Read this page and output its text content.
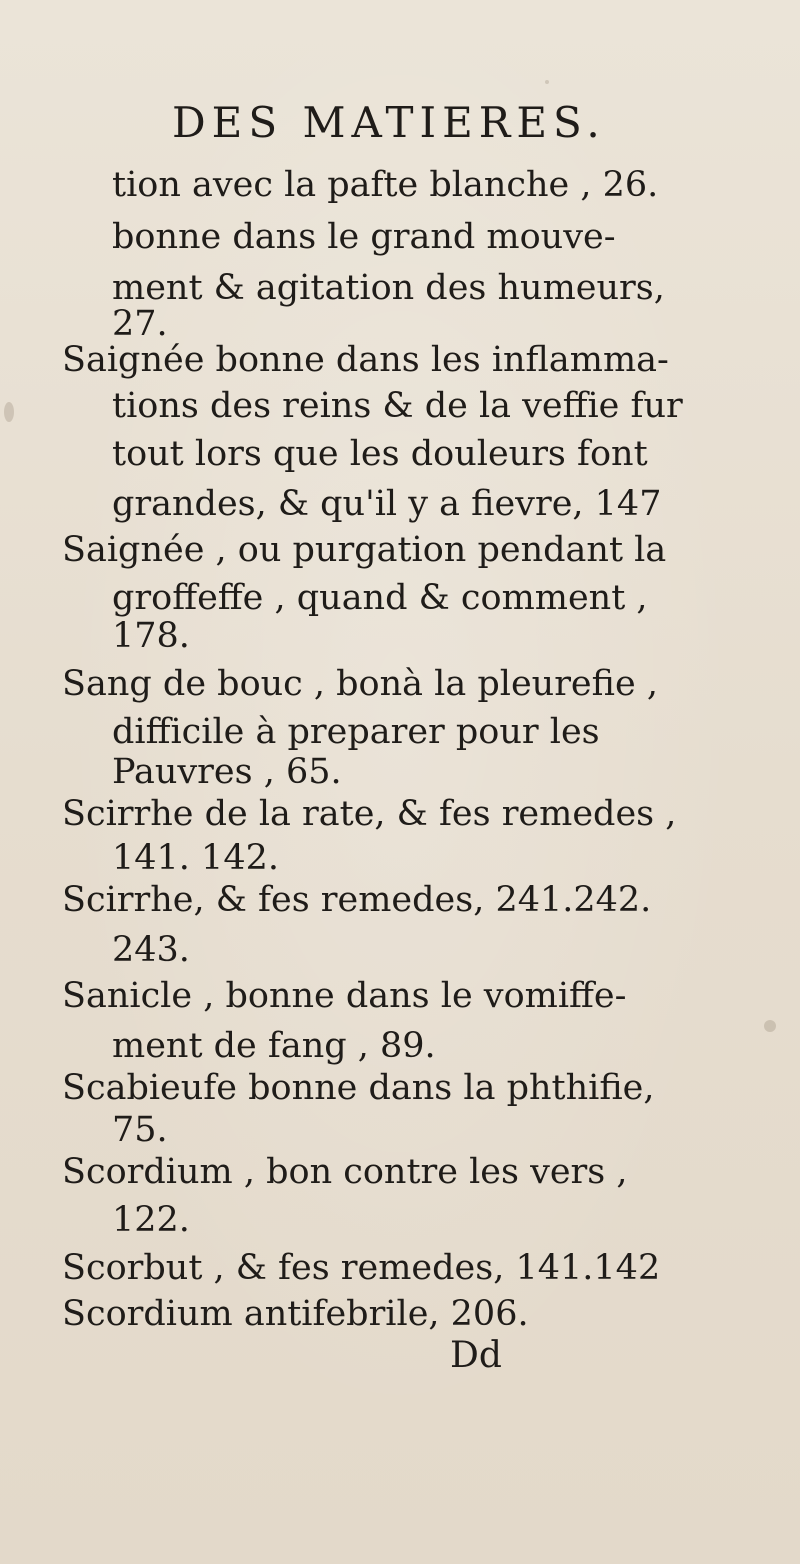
DES MATIERES.
tion avec la pafte blanche , 26.
bonne dans le grand mouve-
ment & agitation des humeurs,
27.
Saignée bonne dans les inflamma-
tions des reins & de la veffie fur
tout lors que les douleurs font
grandes, & qu'il y a fievre, 147
Saignée , ou purgation pendant la
groffeffe , quand & comment ,
178.
Sang de bouc , bonà la pleurefie ,
difficile à preparer pour les
Pauvres , 65.
Scirrhe de la rate, & fes remedes ,
141. 142.
Scirrhe, & fes remedes, 241.242.
243.
Sanicle , bonne dans le vomiffe-
ment de fang , 89.
Scabieufe bonne dans la phthifie,
75.
Scordium , bon contre les vers ,
122.
Scorbut , & fes remedes, 141.142
Scordium antifebrile, 206.
Dd
